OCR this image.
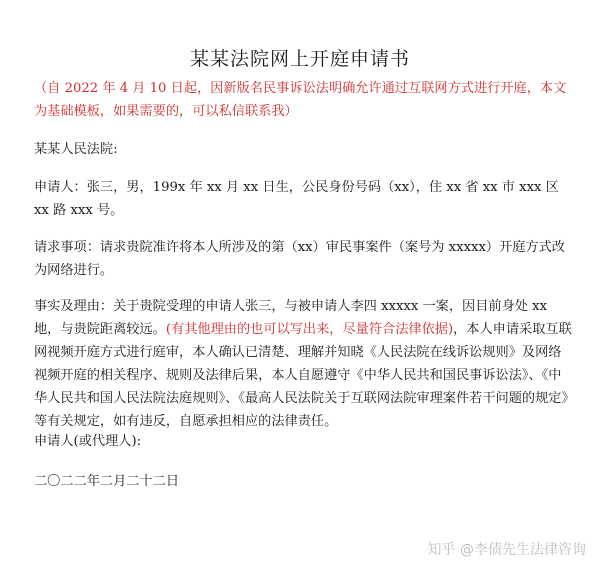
某某法院网上开庭申请书
（自 2022 年 4 月 10 日起，因新版名民事诉讼法明确允许通过互联网方式进行开庭，本文为基础模板，如果需要的，可以私信联系我）
某某人民法院:
申请人：张三，男，199x 年 xx 月 xx 日生，公民身份号码（xx），住 xx 省 xx 市 xxx 区 xx 路 xxx 号。
请求事项：请求贵院准许将本人所涉及的第（xx）审民事案件（案号为 xxxxx）开庭方式改为网络进行。
事实及理由：关于贵院受理的申请人张三，与被申请人李四 xxxxx 一案，因目前身处 xx 地，与贵院距离较远。(有其他理由的也可以写出来，尽量符合法律依据)，本人申请采取互联网视频开庭方式进行庭审，本人确认已清楚、理解并知晓《人民法院在线诉讼规则》及网络视频开庭的相关程序、规则及法律后果，本人自愿遵守《中华人民共和国民事诉讼法》、《中华人民共和国人民法院法庭规则》、《最高人民法院关于互联网法院审理案件若干问题的规定》等有关规定，如有违反，自愿承担相应的法律责任。
申请人(或代理人):
二〇二二年二月二十二日
知乎 @李债先生法律咨询
